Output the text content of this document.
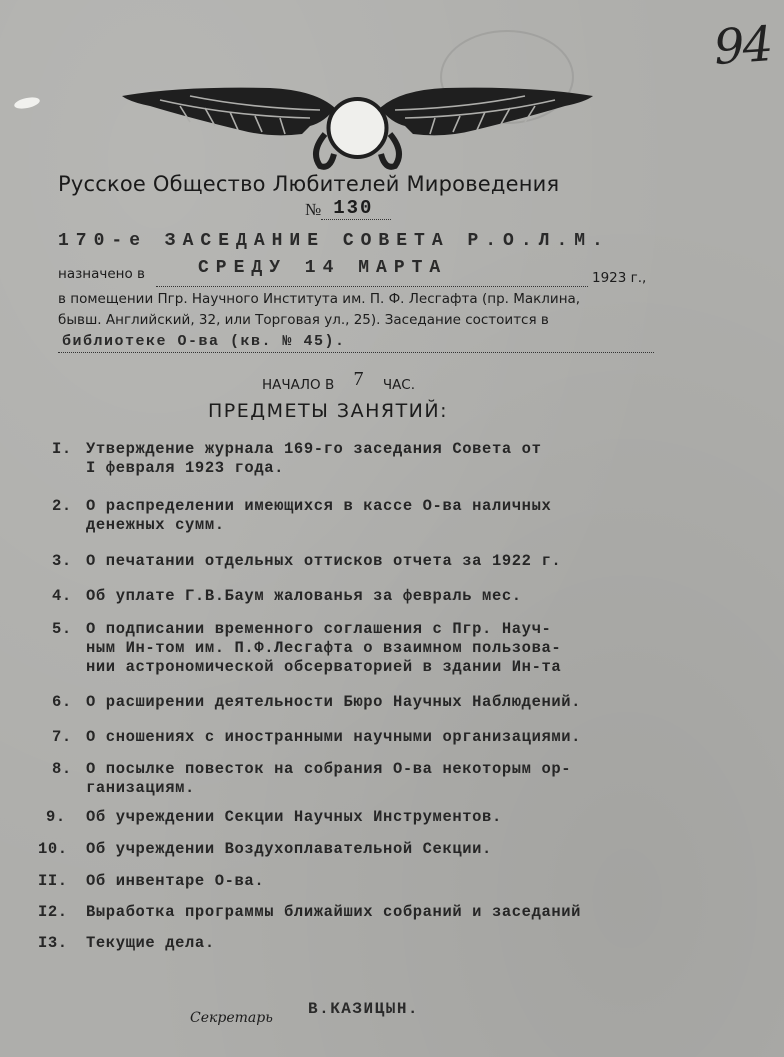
94
Русское Общество Любителей Мироведения
№ 130
170-е ЗАСЕДАНИЕ СОВЕТА Р.О.Л.М.
назначено в	СРЕДУ 14 МАРТА	1923 г.,
в помещении Пгр. Научного Института им. П. Ф. Лесгафта (пр. Маклина,
бывш. Английский, 32, или Торговая ул., 25). Заседание состоится в
библиотеке О-ва (кв. № 45).
НАЧАЛО В 7 ЧАС.
ПРЕДМЕТЫ ЗАНЯТИЙ:
I. Утверждение журнала 169-го заседания Совета от
I февраля 1923 года.
2. О распределении имеющихся в кассе О-ва наличных
денежных сумм.
3. О печатании отдельных оттисков отчета за 1922 г.
4. Об уплате Г.В.Баум жалованья за февраль мес.
5. О подписании временного соглашения с Пгр. Науч-
ным Ин-том им. П.Ф.Лесгафта о взаимном пользова-
нии астрономической обсерваторией в здании Ин-та
6. О расширении деятельности Бюро Научных Наблюдений.
7. О сношениях с иностранными научными организациями.
8. О посылке повесток на собрания О-ва некоторым ор-
ганизациям.
9. Об учреждении Секции Научных Инструментов.
10. Об учреждении Воздухоплавательной Секции.
II. Об инвентаре О-ва.
I2. Выработка программы ближайших собраний и заседаний
I3. Текущие дела.
Секретарь В.КАЗИЦЫН.
